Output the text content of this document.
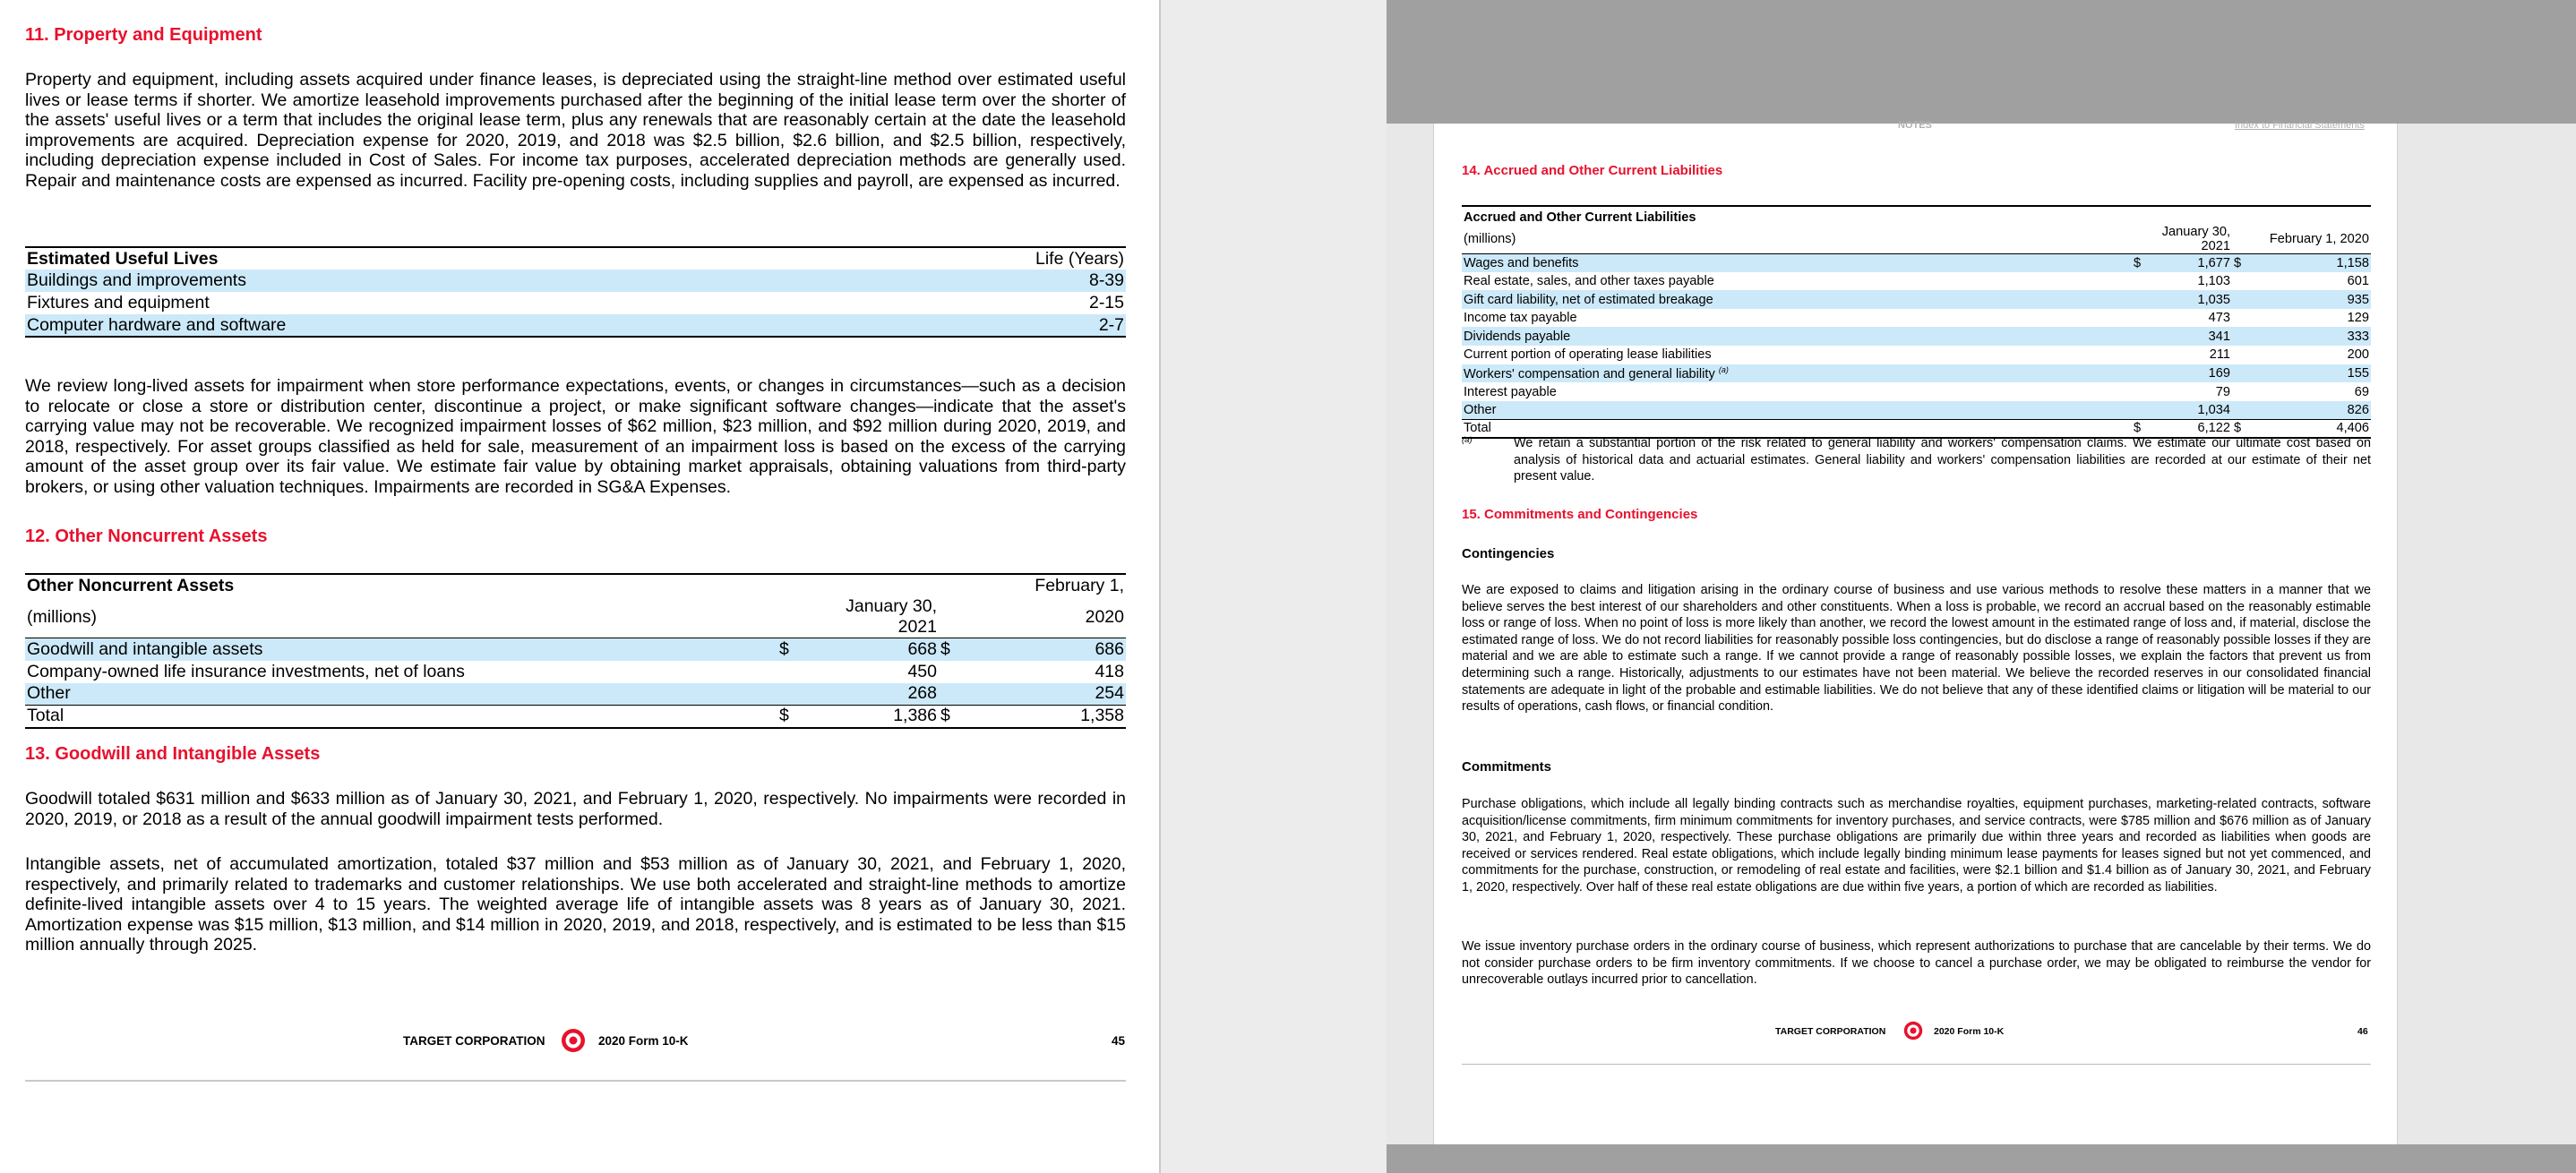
11. Property and Equipment
Property and equipment, including assets acquired under finance leases, is depreciated using the straight-line method over estimated useful lives or lease terms if shorter. We amortize leasehold improvements purchased after the beginning of the initial lease term over the shorter of the assets' useful lives or a term that includes the original lease term, plus any renewals that are reasonably certain at the date the leasehold improvements are acquired. Depreciation expense for 2020, 2019, and 2018 was $2.5 billion, $2.6 billion, and $2.5 billion, respectively, including depreciation expense included in Cost of Sales. For income tax purposes, accelerated depreciation methods are generally used. Repair and maintenance costs are expensed as incurred. Facility pre-opening costs, including supplies and payroll, are expensed as incurred.
Estimated Useful Lives	Life (Years)
Buildings and improvements	8-39
Fixtures and equipment	2-15
Computer hardware and software	2-7
We review long-lived assets for impairment when store performance expectations, events, or changes in circumstances—such as a decision to relocate or close a store or distribution center, discontinue a project, or make significant software changes—indicate that the asset's carrying value may not be recoverable. We recognized impairment losses of $62 million, $23 million, and $92 million during 2020, 2019, and 2018, respectively. For asset groups classified as held for sale, measurement of an impairment loss is based on the excess of the carrying amount of the asset group over its fair value. We estimate fair value by obtaining market appraisals, obtaining valuations from third-party brokers, or using other valuation techniques. Impairments are recorded in SG&A Expenses.
12. Other Noncurrent Assets
Other Noncurrent Assets				February 1,
(millions)		January 30, 2021		2020
Goodwill and intangible assets	$	668	$	686
Company-owned life insurance investments, net of loans		450		418
Other		268		254
Total	$	1,386	$	1,358
13. Goodwill and Intangible Assets
Goodwill totaled $631 million and $633 million as of January 30, 2021, and February 1, 2020, respectively. No impairments were recorded in 2020, 2019, or 2018 as a result of the annual goodwill impairment tests performed.
Intangible assets, net of accumulated amortization, totaled $37 million and $53 million as of January 30, 2021, and February 1, 2020, respectively, and primarily related to trademarks and customer relationships. We use both accelerated and straight-line methods to amortize definite-lived intangible assets over 4 to 15 years. The weighted average life of intangible assets was 8 years as of January 30, 2021. Amortization expense was $15 million, $13 million, and $14 million in 2020, 2019, and 2018, respectively, and is estimated to be less than $15 million annually through 2025.
TARGET CORPORATION	2020 Form 10-K	45
NOTES	Index to Financial Statements
14. Accrued and Other Current Liabilities
Accrued and Other Current Liabilities				
(millions)	January 30, 2021		February 1, 2020	
Wages and benefits	$	1,677	$	1,158
Real estate, sales, and other taxes payable		1,103		601
Gift card liability, net of estimated breakage		1,035		935
Income tax payable		473		129
Dividends payable		341		333
Current portion of operating lease liabilities		211		200
Workers' compensation and general liability $^{(a)}$		169		155
Interest payable		79		69
Other		1,034		826
Total	$	6,122	$	4,406
(a)	We retain a substantial portion of the risk related to general liability and workers' compensation claims. We estimate our ultimate cost based on analysis of historical data and actuarial estimates. General liability and workers' compensation liabilities are recorded at our estimate of their net present value.
15. Commitments and Contingencies
Contingencies
We are exposed to claims and litigation arising in the ordinary course of business and use various methods to resolve these matters in a manner that we believe serves the best interest of our shareholders and other constituents. When a loss is probable, we record an accrual based on the reasonably estimable loss or range of loss. When no point of loss is more likely than another, we record the lowest amount in the estimated range of loss and, if material, disclose the estimated range of loss. We do not record liabilities for reasonably possible loss contingencies, but do disclose a range of reasonably possible losses if they are material and we are able to estimate such a range. If we cannot provide a range of reasonably possible losses, we explain the factors that prevent us from determining such a range. Historically, adjustments to our estimates have not been material. We believe the recorded reserves in our consolidated financial statements are adequate in light of the probable and estimable liabilities. We do not believe that any of these identified claims or litigation will be material to our results of operations, cash flows, or financial condition.
Commitments
Purchase obligations, which include all legally binding contracts such as merchandise royalties, equipment purchases, marketing-related contracts, software acquisition/license commitments, firm minimum commitments for inventory purchases, and service contracts, were $785 million and $676 million as of January 30, 2021, and February 1, 2020, respectively. These purchase obligations are primarily due within three years and recorded as liabilities when goods are received or services rendered. Real estate obligations, which include legally binding minimum lease payments for leases signed but not yet commenced, and commitments for the purchase, construction, or remodeling of real estate and facilities, were $2.1 billion and $1.4 billion as of January 30, 2021, and February 1, 2020, respectively. Over half of these real estate obligations are due within five years, a portion of which are recorded as liabilities.
We issue inventory purchase orders in the ordinary course of business, which represent authorizations to purchase that are cancelable by their terms. We do not consider purchase orders to be firm inventory commitments. If we choose to cancel a purchase order, we may be obligated to reimburse the vendor for unrecoverable outlays incurred prior to cancellation.
TARGET CORPORATION	2020 Form 10-K	46
